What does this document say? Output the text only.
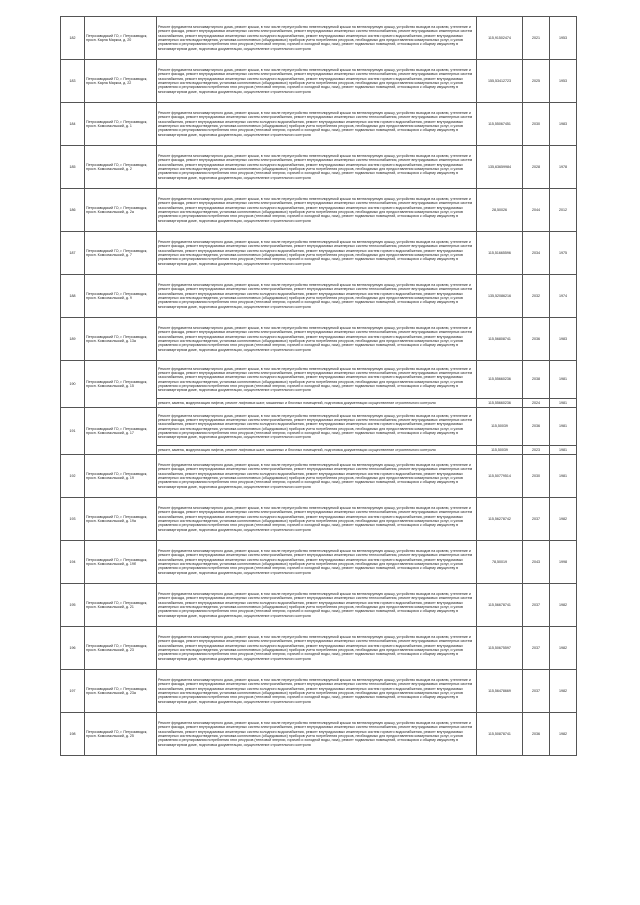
182	Петрозаводский ГО, г. Петрозаводск, просп. Карла Маркса, д. 20	Ремонт фундамента многоквартирного дома, ремонт крыши, в том числе переустройство невентилируемой крыши на вентилируемую крышу, устройство выходов на кровлю, утепление и ремонт фасада, ремонт внутридомовых инженерных систем электроснабжения, ремонт внутридомовых инженерных систем теплоснабжения, ремонт внутридомовых инженерных систем газоснабжения, ремонт внутридомовых инженерных систем холодного водоснабжения, ремонт внутридомовых инженерных систем горячего водоснабжения, ремонт внутридомовых инженерных систем водоотведения, установка коллективных (общедомовых) приборов учета потребления ресурсов, необходимых для предоставления коммунальных услуг, и узлов управления и регулирования потребления этих ресурсов (тепловой энергии, горячей и холодной воды, газа), ремонт подвальных помещений, относящихся к общему имуществу в многоквартирном доме, подготовка документации, осуществление строительного контроля	115,91502474	2021	1953
183	Петрозаводский ГО, г. Петрозаводск, просп. Карла Маркса, д. 22	Ремонт фундамента многоквартирного дома, ремонт крыши, в том числе переустройство невентилируемой крыши на вентилируемую крышу, устройство выходов на кровлю, утепление и ремонт фасада, ремонт внутридомовых инженерных систем электроснабжения, ремонт внутридомовых инженерных систем теплоснабжения, ремонт внутридомовых инженерных систем газоснабжения, ремонт внутридомовых инженерных систем холодного водоснабжения, ремонт внутридомовых инженерных систем горячего водоснабжения, ремонт внутридомовых инженерных систем водоотведения, установка коллективных (общедомовых) приборов учета потребления ресурсов, необходимых для предоставления коммунальных услуг, и узлов управления и регулирования потребления этих ресурсов (тепловой энергии, горячей и холодной воды, газа), ремонт подвальных помещений, относящихся к общему имуществу в многоквартирном доме, подготовка документации, осуществление строительного контроля	155,53412723	2025	1953
184	Петрозаводский ГО, г. Петрозаводск, просп. Комсомольский, д. 1	Ремонт фундамента многоквартирного дома, ремонт крыши, в том числе переустройство невентилируемой крыши на вентилируемую крышу, устройство выходов на кровлю, утепление и ремонт фасада, ремонт внутридомовых инженерных систем электроснабжения, ремонт внутридомовых инженерных систем теплоснабжения, ремонт внутридомовых инженерных систем газоснабжения, ремонт внутридомовых инженерных систем холодного водоснабжения, ремонт внутридомовых инженерных систем горячего водоснабжения, ремонт внутридомовых инженерных систем водоотведения, установка коллективных (общедомовых) приборов учета потребления ресурсов, необходимых для предоставления коммунальных услуг, и узлов управления и регулирования потребления этих ресурсов (тепловой энергии, горячей и холодной воды, газа), ремонт подвальных помещений, относящихся к общему имуществу в многоквартирном доме, подготовка документации, осуществление строительного контроля	115,55067451	2030	1983
185	Петрозаводский ГО, г. Петрозаводск, просп. Комсомольский, д. 2	Ремонт фундамента многоквартирного дома, ремонт крыши, в том числе переустройство невентилируемой крыши на вентилируемую крышу, устройство выходов на кровлю, утепление и ремонт фасада, ремонт внутридомовых инженерных систем электроснабжения, ремонт внутридомовых инженерных систем теплоснабжения, ремонт внутридомовых инженерных систем газоснабжения, ремонт внутридомовых инженерных систем холодного водоснабжения, ремонт внутридомовых инженерных систем горячего водоснабжения, ремонт внутридомовых инженерных систем водоотведения, установка коллективных (общедомовых) приборов учета потребления ресурсов, необходимых для предоставления коммунальных услуг, и узлов управления и регулирования потребления этих ресурсов (тепловой энергии, горячей и холодной воды, газа), ремонт подвальных помещений, относящихся к общему имуществу в многоквартирном доме, подготовка документации, осуществление строительного контроля	135,63659984	2028	1978
186	Петрозаводский ГО, г. Петрозаводск, просп. Комсомольский, д. 2а	Ремонт фундамента многоквартирного дома, ремонт крыши, в том числе переустройство невентилируемой крыши на вентилируемую крышу, устройство выходов на кровлю, утепление и ремонт фасада, ремонт внутридомовых инженерных систем электроснабжения, ремонт внутридомовых инженерных систем теплоснабжения, ремонт внутридомовых инженерных систем газоснабжения, ремонт внутридомовых инженерных систем холодного водоснабжения, ремонт внутридомовых инженерных систем горячего водоснабжения, ремонт внутридомовых инженерных систем водоотведения, установка коллективных (общедомовых) приборов учета потребления ресурсов, необходимых для предоставления коммунальных услуг, и узлов управления и регулирования потребления этих ресурсов (тепловой энергии, горячей и холодной воды, газа), ремонт подвальных помещений, относящихся к общему имуществу в многоквартирном доме, подготовка документации, осуществление строительного контроля	28,50026	2044	2012
187	Петрозаводский ГО, г. Петрозаводск, просп. Комсомольский, д. 7	Ремонт фундамента многоквартирного дома, ремонт крыши, в том числе переустройство невентилируемой крыши на вентилируемую крышу, устройство выходов на кровлю, утепление и ремонт фасада, ремонт внутридомовых инженерных систем электроснабжения, ремонт внутридомовых инженерных систем теплоснабжения, ремонт внутридомовых инженерных систем газоснабжения, ремонт внутридомовых инженерных систем холодного водоснабжения, ремонт внутридомовых инженерных систем горячего водоснабжения, ремонт внутридомовых инженерных систем водоотведения, установка коллективных (общедомовых) приборов учета потребления ресурсов, необходимых для предоставления коммунальных услуг, и узлов управления и регулирования потребления этих ресурсов (тепловой энергии, горячей и холодной воды, газа), ремонт подвальных помещений, относящихся к общему имуществу в многоквартирном доме, подготовка документации, осуществление строительного контроля	115,51665596	2034	1975
188	Петрозаводский ГО, г. Петрозаводск, просп. Комсомольский, д. 9	Ремонт фундамента многоквартирного дома, ремонт крыши, в том числе переустройство невентилируемой крыши на вентилируемую крышу, устройство выходов на кровлю, утепление и ремонт фасада, ремонт внутридомовых инженерных систем электроснабжения, ремонт внутридомовых инженерных систем теплоснабжения, ремонт внутридомовых инженерных систем газоснабжения, ремонт внутридомовых инженерных систем холодного водоснабжения, ремонт внутридомовых инженерных систем горячего водоснабжения, ремонт внутридомовых инженерных систем водоотведения, установка коллективных (общедомовых) приборов учета потребления ресурсов, необходимых для предоставления коммунальных услуг, и узлов управления и регулирования потребления этих ресурсов (тепловой энергии, горячей и холодной воды, газа), ремонт подвальных помещений, относящихся к общему имуществу в многоквартирном доме, подготовка документации, осуществление строительного контроля	135,52086216	2032	1974
189	Петрозаводский ГО, г. Петрозаводск, просп. Комсомольский, д. 13а	Ремонт фундамента многоквартирного дома, ремонт крыши, в том числе переустройство невентилируемой крыши на вентилируемую крышу, устройство выходов на кровлю, утепление и ремонт фасада, ремонт внутридомовых инженерных систем электроснабжения, ремонт внутридомовых инженерных систем теплоснабжения, ремонт внутридомовых инженерных систем газоснабжения, ремонт внутридомовых инженерных систем холодного водоснабжения, ремонт внутридомовых инженерных систем горячего водоснабжения, ремонт внутридомовых инженерных систем водоотведения, установка коллективных (общедомовых) приборов учета потребления ресурсов, необходимых для предоставления коммунальных услуг, и узлов управления и регулирования потребления этих ресурсов (тепловой энергии, горячей и холодной воды, газа), ремонт подвальных помещений, относящихся к общему имуществу в многоквартирном доме, подготовка документации, осуществление строительного контроля	115,56808741	2036	1983
190	Петрозаводский ГО, г. Петрозаводск, просп. Комсомольский, д. 15	Ремонт фундамента многоквартирного дома, ремонт крыши, в том числе переустройство невентилируемой крыши на вентилируемую крышу, устройство выходов на кровлю, утепление и ремонт фасада, ремонт внутридомовых инженерных систем электроснабжения, ремонт внутридомовых инженерных систем теплоснабжения, ремонт внутридомовых инженерных систем газоснабжения, ремонт внутридомовых инженерных систем холодного водоснабжения, ремонт внутридомовых инженерных систем горячего водоснабжения, ремонт внутридомовых инженерных систем водоотведения, установка коллективных (общедомовых) приборов учета потребления ресурсов, необходимых для предоставления коммунальных услуг, и узлов управления и регулирования потребления этих ресурсов (тепловой энергии, горячей и холодной воды, газа), ремонт подвальных помещений, относящихся к общему имуществу в многоквартирном доме, подготовка документации, осуществление строительного контроля	115,55660236	2038	1981
		ремонт, замена, модернизация лифтов, ремонт лифтовых шахт, машинных и блочных помещений, подготовка документации осуществление строительного контроля	115,55660236	2024	1981
191	Петрозаводский ГО, г. Петрозаводск, просп. Комсомольский, д. 17	Ремонт фундамента многоквартирного дома, ремонт крыши, в том числе переустройство невентилируемой крыши на вентилируемую крышу, устройство выходов на кровлю, утепление и ремонт фасада, ремонт внутридомовых инженерных систем электроснабжения, ремонт внутридомовых инженерных систем теплоснабжения, ремонт внутридомовых инженерных систем газоснабжения, ремонт внутридомовых инженерных систем холодного водоснабжения, ремонт внутридомовых инженерных систем горячего водоснабжения, ремонт внутридомовых инженерных систем водоотведения, установка коллективных (общедомовых) приборов учета потребления ресурсов, необходимых для предоставления коммунальных услуг, и узлов управления и регулирования потребления этих ресурсов (тепловой энергии, горячей и холодной воды, газа), ремонт подвальных помещений, относящихся к общему имуществу в многоквартирном доме, подготовка документации, осуществление строительного контроля	115,50039	2036	1981
		ремонт, замена, модернизация лифтов, ремонт лифтовых шахт, машинных и блочных помещений, подготовка документации осуществление строительного контроля	115,50039	2023	1981
192	Петрозаводский ГО, г. Петрозаводск, просп. Комсомольский, д. 19	Ремонт фундамента многоквартирного дома, ремонт крыши, в том числе переустройство невентилируемой крыши на вентилируемую крышу, устройство выходов на кровлю, утепление и ремонт фасада, ремонт внутридомовых инженерных систем электроснабжения, ремонт внутридомовых инженерных систем теплоснабжения, ремонт внутридомовых инженерных систем газоснабжения, ремонт внутридомовых инженерных систем холодного водоснабжения, ремонт внутридомовых инженерных систем горячего водоснабжения, ремонт внутридомовых инженерных систем водоотведения, установка коллективных (общедомовых) приборов учета потребления ресурсов, необходимых для предоставления коммунальных услуг, и узлов управления и регулирования потребления этих ресурсов (тепловой энергии, горячей и холодной воды, газа), ремонт подвальных помещений, относящихся к общему имуществу в многоквартирном доме, подготовка документации, осуществление строительного контроля	115,50779514	2030	1981
193	Петрозаводский ГО, г. Петрозаводск, просп. Комсомольский, д. 19а	Ремонт фундамента многоквартирного дома, ремонт крыши, в том числе переустройство невентилируемой крыши на вентилируемую крышу, устройство выходов на кровлю, утепление и ремонт фасада, ремонт внутридомовых инженерных систем электроснабжения, ремонт внутридомовых инженерных систем теплоснабжения, ремонт внутридомовых инженерных систем газоснабжения, ремонт внутридомовых инженерных систем холодного водоснабжения, ремонт внутридомовых инженерных систем горячего водоснабжения, ремонт внутридомовых инженерных систем водоотведения, установка коллективных (общедомовых) приборов учета потребления ресурсов, необходимых для предоставления коммунальных услуг, и узлов управления и регулирования потребления этих ресурсов (тепловой энергии, горячей и холодной воды, газа), ремонт подвальных помещений, относящихся к общему имуществу в многоквартирном доме, подготовка документации, осуществление строительного контроля	115,56278742	2037	1982
194	Петрозаводский ГО, г. Петрозаводск, просп. Комсомольский, д. 19б	Ремонт фундамента многоквартирного дома, ремонт крыши, в том числе переустройство невентилируемой крыши на вентилируемую крышу, устройство выходов на кровлю, утепление и ремонт фасада, ремонт внутридомовых инженерных систем электроснабжения, ремонт внутридомовых инженерных систем теплоснабжения, ремонт внутридомовых инженерных систем газоснабжения, ремонт внутридомовых инженерных систем холодного водоснабжения, ремонт внутридомовых инженерных систем горячего водоснабжения, ремонт внутридомовых инженерных систем водоотведения, установка коллективных (общедомовых) приборов учета потребления ресурсов, необходимых для предоставления коммунальных услуг, и узлов управления и регулирования потребления этих ресурсов (тепловой энергии, горячей и холодной воды, газа), ремонт подвальных помещений, относящихся к общему имуществу в многоквартирном доме, подготовка документации, осуществление строительного контроля	78,50019	2043	1998
195	Петрозаводский ГО, г. Петрозаводск, просп. Комсомольский, д. 21	Ремонт фундамента многоквартирного дома, ремонт крыши, в том числе переустройство невентилируемой крыши на вентилируемую крышу, устройство выходов на кровлю, утепление и ремонт фасада, ремонт внутридомовых инженерных систем электроснабжения, ремонт внутридомовых инженерных систем теплоснабжения, ремонт внутридомовых инженерных систем газоснабжения, ремонт внутридомовых инженерных систем холодного водоснабжения, ремонт внутридомовых инженерных систем горячего водоснабжения, ремонт внутридомовых инженерных систем водоотведения, установка коллективных (общедомовых) приборов учета потребления ресурсов, необходимых для предоставления коммунальных услуг, и узлов управления и регулирования потребления этих ресурсов (тепловой энергии, горячей и холодной воды, газа), ремонт подвальных помещений, относящихся к общему имуществу в многоквартирном доме, подготовка документации, осуществление строительного контроля	115,56678741	2037	1982
196	Петрозаводский ГО, г. Петрозаводск, просп. Комсомольский, д. 23	Ремонт фундамента многоквартирного дома, ремонт крыши, в том числе переустройство невентилируемой крыши на вентилируемую крышу, устройство выходов на кровлю, утепление и ремонт фасада, ремонт внутридомовых инженерных систем электроснабжения, ремонт внутридомовых инженерных систем теплоснабжения, ремонт внутридомовых инженерных систем газоснабжения, ремонт внутридомовых инженерных систем холодного водоснабжения, ремонт внутридомовых инженерных систем горячего водоснабжения, ремонт внутридомовых инженерных систем водоотведения, установка коллективных (общедомовых) приборов учета потребления ресурсов, необходимых для предоставления коммунальных услуг, и узлов управления и регулирования потребления этих ресурсов (тепловой энергии, горячей и холодной воды, газа), ремонт подвальных помещений, относящихся к общему имуществу в многоквартирном доме, подготовка документации, осуществление строительного контроля	115,50675597	2037	1982
197	Петрозаводский ГО, г. Петрозаводск, просп. Комсомольский, д. 23а	Ремонт фундамента многоквартирного дома, ремонт крыши, в том числе переустройство невентилируемой крыши на вентилируемую крышу, устройство выходов на кровлю, утепление и ремонт фасада, ремонт внутридомовых инженерных систем электроснабжения, ремонт внутридомовых инженерных систем теплоснабжения, ремонт внутридомовых инженерных систем газоснабжения, ремонт внутридомовых инженерных систем холодного водоснабжения, ремонт внутридомовых инженерных систем горячего водоснабжения, ремонт внутридомовых инженерных систем водоотведения, установка коллективных (общедомовых) приборов учета потребления ресурсов, необходимых для предоставления коммунальных услуг, и узлов управления и регулирования потребления этих ресурсов (тепловой энергии, горячей и холодной воды, газа), ремонт подвальных помещений, относящихся к общему имуществу в многоквартирном доме, подготовка документации, осуществление строительного контроля	115,56478669	2037	1982
198	Петрозаводский ГО, г. Петрозаводск, просп. Комсомольский, д. 25	Ремонт фундамента многоквартирного дома, ремонт крыши, в том числе переустройство невентилируемой крыши на вентилируемую крышу, устройство выходов на кровлю, утепление и ремонт фасада, ремонт внутридомовых инженерных систем электроснабжения, ремонт внутридомовых инженерных систем теплоснабжения, ремонт внутридомовых инженерных систем газоснабжения, ремонт внутридомовых инженерных систем холодного водоснабжения, ремонт внутридомовых инженерных систем горячего водоснабжения, ремонт внутридомовых инженерных систем водоотведения, установка коллективных (общедомовых) приборов учета потребления ресурсов, необходимых для предоставления коммунальных услуг, и узлов управления и регулирования потребления этих ресурсов (тепловой энергии, горячей и холодной воды, газа), ремонт подвальных помещений, относящихся к общему имуществу в многоквартирном доме, подготовка документации, осуществление строительного контроля	115,50878741	2036	1982
